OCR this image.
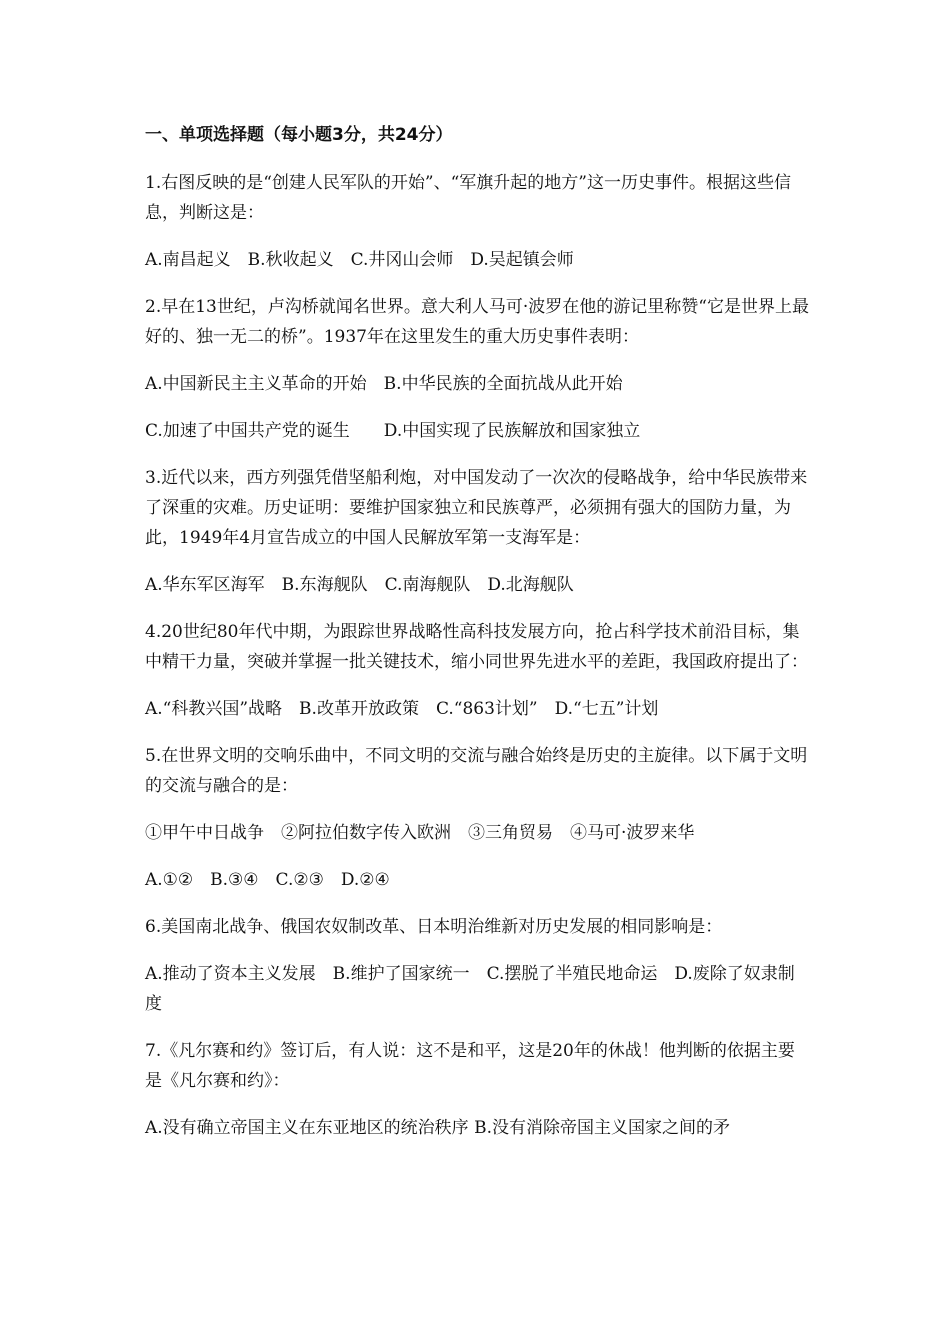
一、单项选择题（每小题3分，共24分）

1.右图反映的是“创建人民军队的开始”、“军旗升起的地方”这一历史事件。根据这些信息，判断这是：

A.南昌起义　B.秋收起义　C.井冈山会师　D.吴起镇会师

2.早在13世纪，卢沟桥就闻名世界。意大利人马可·波罗在他的游记里称赞“它是世界上最好的、独一无二的桥”。1937年在这里发生的重大历史事件表明：

A.中国新民主主义革命的开始　B.中华民族的全面抗战从此开始

C.加速了中国共产党的诞生　　D.中国实现了民族解放和国家独立

3.近代以来，西方列强凭借坚船利炮，对中国发动了一次次的侵略战争，给中华民族带来了深重的灾难。历史证明：要维护国家独立和民族尊严，必须拥有强大的国防力量，为此，1949年4月宣告成立的中国人民解放军第一支海军是：

A.华东军区海军　B.东海舰队　C.南海舰队　D.北海舰队

4.20世纪80年代中期，为跟踪世界战略性高科技发展方向，抢占科学技术前沿目标，集中精干力量，突破并掌握一批关键技术，缩小同世界先进水平的差距，我国政府提出了：

A.“科教兴国”战略　B.改革开放政策　C.“863计划”　D.“七五”计划

5.在世界文明的交响乐曲中，不同文明的交流与融合始终是历史的主旋律。以下属于文明的交流与融合的是：

①甲午中日战争　②阿拉伯数字传入欧洲　③三角贸易　④马可·波罗来华

A.①②　B.③④　C.②③　D.②④

6.美国南北战争、俄国农奴制改革、日本明治维新对历史发展的相同影响是：

A.推动了资本主义发展　B.维护了国家统一　C.摆脱了半殖民地命运　D.废除了奴隶制度

7.《凡尔赛和约》签订后，有人说：这不是和平，这是20年的休战！他判断的依据主要是《凡尔赛和约》：

A.没有确立帝国主义在东亚地区的统治秩序 B.没有消除帝国主义国家之间的矛
